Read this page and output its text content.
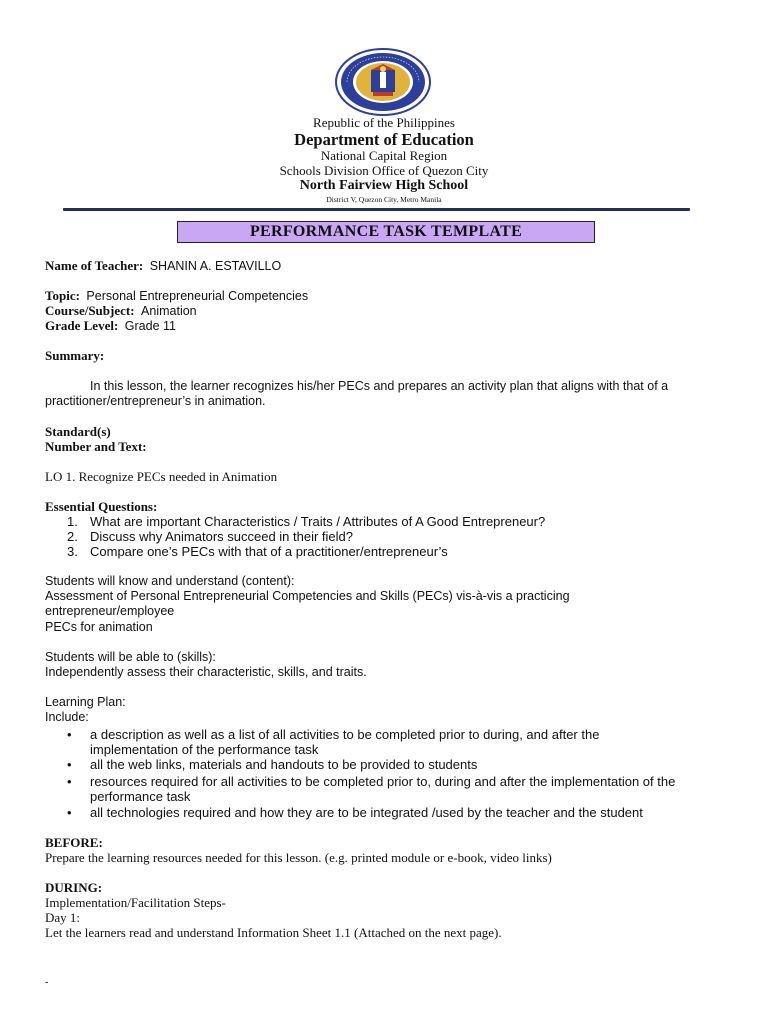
Republic of the Philippines
Department of Education
National Capital Region
Schools Division Office of Quezon City
North Fairview High School
District V, Quezon City, Metro Manila
PERFORMANCE TASK TEMPLATE
Name of Teacher: SHANIN A. ESTAVILLO
Topic: Personal Entrepreneurial Competencies
Course/Subject: Animation
Grade Level: Grade 11
Summary:
In this lesson, the learner recognizes his/her PECs and prepares an activity plan that aligns with that of a
practitioner/entrepreneur’s in animation.
Standard(s)
Number and Text:
LO 1. Recognize PECs needed in Animation
Essential Questions:
1. What are important Characteristics / Traits / Attributes of A Good Entrepreneur?
2. Discuss why Animators succeed in their field?
3. Compare one’s PECs with that of a practitioner/entrepreneur’s
Students will know and understand (content):
Assessment of Personal Entrepreneurial Competencies and Skills (PECs) vis-à-vis a practicing
entrepreneur/employee
PECs for animation
Students will be able to (skills):
Independently assess their characteristic, skills, and traits.
Learning Plan:
Include:
• a description as well as a list of all activities to be completed prior to during, and after the
implementation of the performance task
• all the web links, materials and handouts to be provided to students
• resources required for all activities to be completed prior to, during and after the implementation of the
performance task
• all technologies required and how they are to be integrated /used by the teacher and the student
BEFORE:
Prepare the learning resources needed for this lesson. (e.g. printed module or e-book, video links)
DURING:
Implementation/Facilitation Steps-
Day 1:
Let the learners read and understand Information Sheet 1.1 (Attached on the next page).
-
